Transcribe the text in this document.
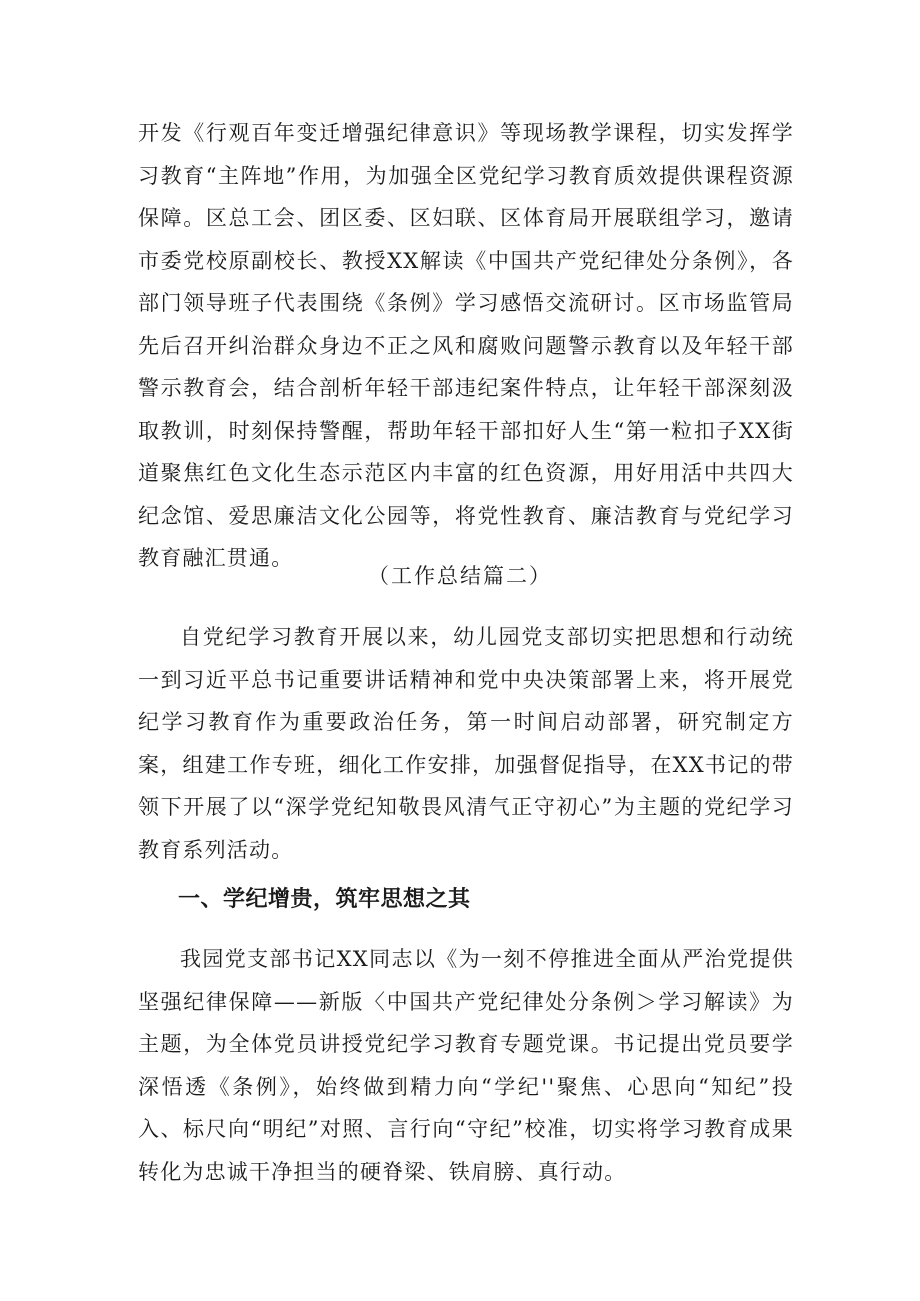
开发《行观百年变迁增强纪律意识》等现场教学课程，切实发挥学习教育“主阵地”作用，为加强全区党纪学习教育质效提供课程资源保障。区总工会、团区委、区妇联、区体育局开展联组学习，邀请市委党校原副校长、教授XX解读《中国共产党纪律处分条例》，各部门领导班子代表围绕《条例》学习感悟交流研讨。区市场监管局先后召开纠治群众身边不正之风和腐败问题警示教育以及年轻干部警示教育会，结合剖析年轻干部违纪案件特点，让年轻干部深刻汲取教训，时刻保持警醒，帮助年轻干部扣好人生“第一粒扣子XX街道聚焦红色文化生态示范区内丰富的红色资源，用好用活中共四大纪念馆、爱思廉洁文化公园等，将党性教育、廉洁教育与党纪学习教育融汇贯通。

（工作总结篇二）

自党纪学习教育开展以来，幼儿园党支部切实把思想和行动统一到习近平总书记重要讲话精神和党中央决策部署上来，将开展党纪学习教育作为重要政治任务，第一时间启动部署，研究制定方案，组建工作专班，细化工作安排，加强督促指导，在XX书记的带领下开展了以“深学党纪知敬畏风清气正守初心”为主题的党纪学习教育系列活动。

一、学纪增贵，筑牢思想之其

我园党支部书记XX同志以《为一刻不停推进全面从严治党提供坚强纪律保障——新版〈中国共产党纪律处分条例＞学习解读》为主题，为全体党员讲授党纪学习教育专题党课。书记提出党员要学深悟透《条例》，始终做到精力向“学纪''聚焦、心思向“知纪”投入、标尺向“明纪”对照、言行向“守纪”校准，切实将学习教育成果转化为忠诚干净担当的硬脊梁、铁肩膀、真行动。
